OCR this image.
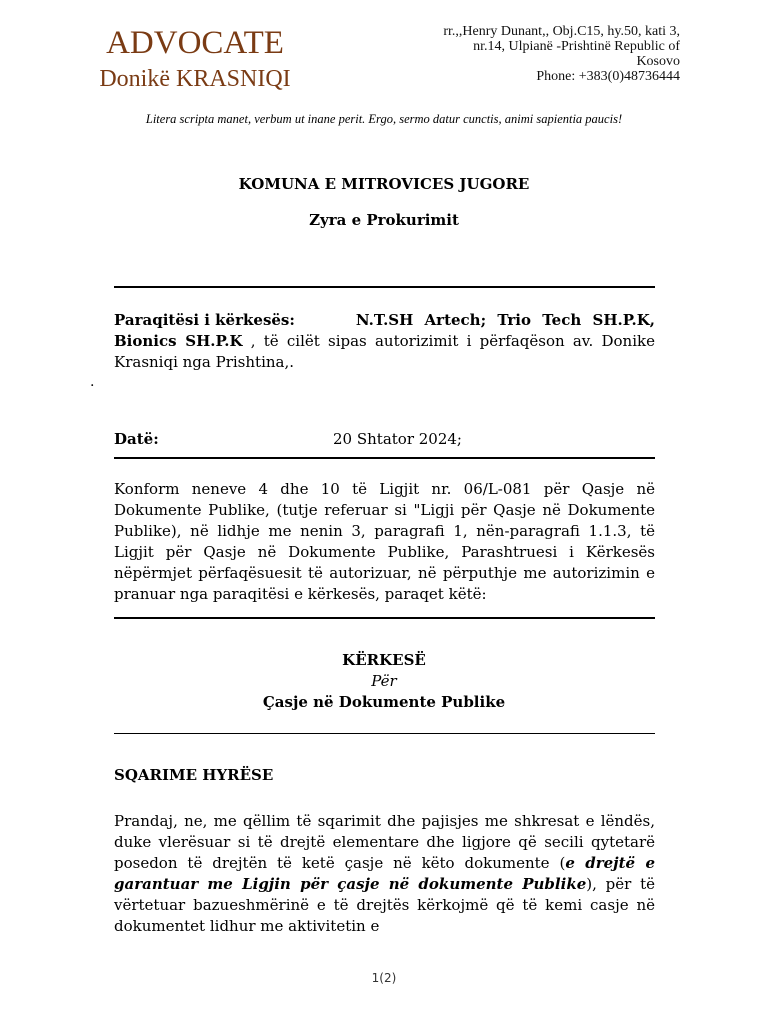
ADVOCATE
Donikë KRASNIQI
rr.,,Henry Dunant,, Obj.C15, hy.50, kati 3,
nr.14, Ulpianë -Prishtinë Republic of
Kosovo
Phone: +383(0)48736444
Litera scripta manet, verbum ut inane perit. Ergo, sermo datur cunctis, animi sapientia paucis!
KOMUNA E MITROVICES JUGORE
Zyra e Prokurimit
Paraqitësi i kërkesës:	N.T.SH Artech; Trio Tech SH.P.K,
Bionics SH.P.K , të cilët sipas autorizimit i përfaqëson av. Donike Krasniqi nga Prishtina,.
.
Datë:	20 Shtator 2024;
Konform neneve 4 dhe 10 të Ligjit nr. 06/L-081 për Qasje në Dokumente Publike, (tutje referuar si "Ligji për Qasje në Dokumente Publike), në lidhje me nenin 3, paragrafi 1, nën-paragrafi 1.1.3, të Ligjit për Qasje në Dokumente Publike, Parashtruesi i Kërkesës nëpërmjet përfaqësuesit të autorizuar, në përputhje me autorizimin e pranuar nga paraqitësi e kërkesës, paraqet këtë:
KËRKESË
Për
Çasje në Dokumente Publike
SQARIME HYRËSE
Prandaj, ne, me qëllim të sqarimit dhe pajisjes me shkresat e lëndës, duke vlerësuar si të drejtë elementare dhe ligjore që secili qytetarë posedon të drejtën të ketë çasje në këto dokumente (e drejtë e garantuar me Ligjin për çasje në dokumente Publike), për të vërtetuar bazueshmërinë e të drejtës kërkojmë që të kemi casje në dokumentet lidhur me aktivitetin e
1(2)
